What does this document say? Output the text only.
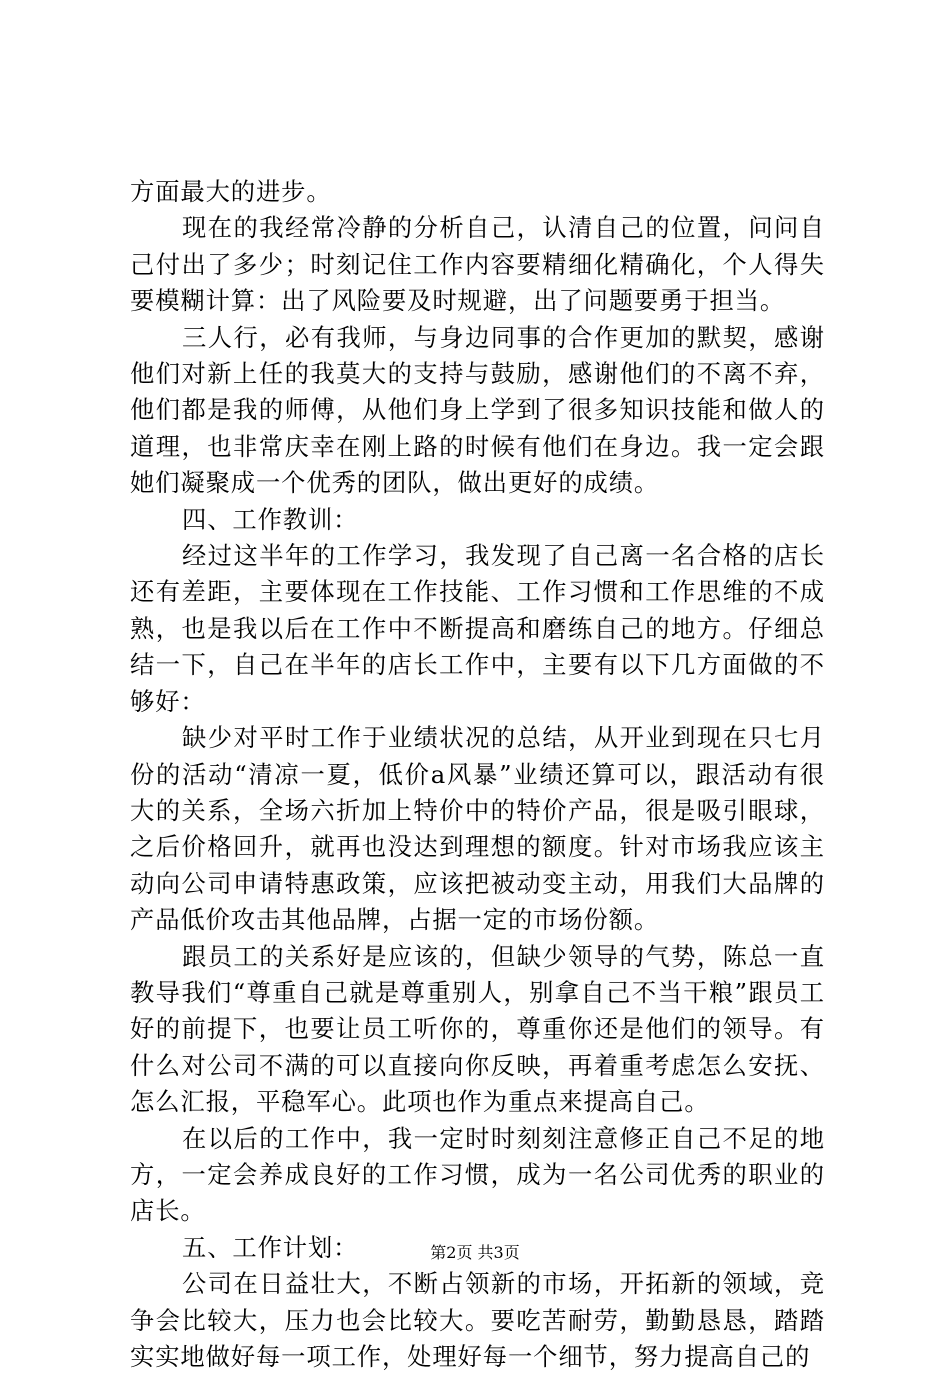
方面最大的进步。

现在的我经常冷静的分析自己，认清自己的位置，问问自己付出了多少；时刻记住工作内容要精细化精确化，个人得失要模糊计算：出了风险要及时规避，出了问题要勇于担当。

三人行，必有我师，与身边同事的合作更加的默契，感谢他们对新上任的我莫大的支持与鼓励，感谢他们的不离不弃，他们都是我的师傅，从他们身上学到了很多知识技能和做人的道理，也非常庆幸在刚上路的时候有他们在身边。我一定会跟她们凝聚成一个优秀的团队，做出更好的成绩。

四、工作教训：

经过这半年的工作学习，我发现了自己离一名合格的店长还有差距，主要体现在工作技能、工作习惯和工作思维的不成熟，也是我以后在工作中不断提高和磨练自己的地方。仔细总结一下，自己在半年的店长工作中，主要有以下几方面做的不够好：

缺少对平时工作于业绩状况的总结，从开业到现在只七月份的活动“清凉一夏，低价a风暴”业绩还算可以，跟活动有很大的关系，全场六折加上特价中的特价产品，很是吸引眼球，之后价格回升，就再也没达到理想的额度。针对市场我应该主动向公司申请特惠政策，应该把被动变主动，用我们大品牌的产品低价攻击其他品牌，占据一定的市场份额。

跟员工的关系好是应该的，但缺少领导的气势，陈总一直教导我们“尊重自己就是尊重别人，别拿自己不当干粮”跟员工好的前提下，也要让员工听你的，尊重你还是他们的领导。有什么对公司不满的可以直接向你反映，再着重考虑怎么安抚、怎么汇报，平稳军心。此项也作为重点来提高自己。

在以后的工作中，我一定时时刻刻注意修正自己不足的地方，一定会养成良好的工作习惯，成为一名公司优秀的职业的店长。

五、工作计划：

公司在日益壮大，不断占领新的市场，开拓新的领域，竞争会比较大，压力也会比较大。要吃苦耐劳，勤勤恳恳，踏踏实实地做好每一项工作，处理好每一个细节，努力提高自己的

第2页 共3页
